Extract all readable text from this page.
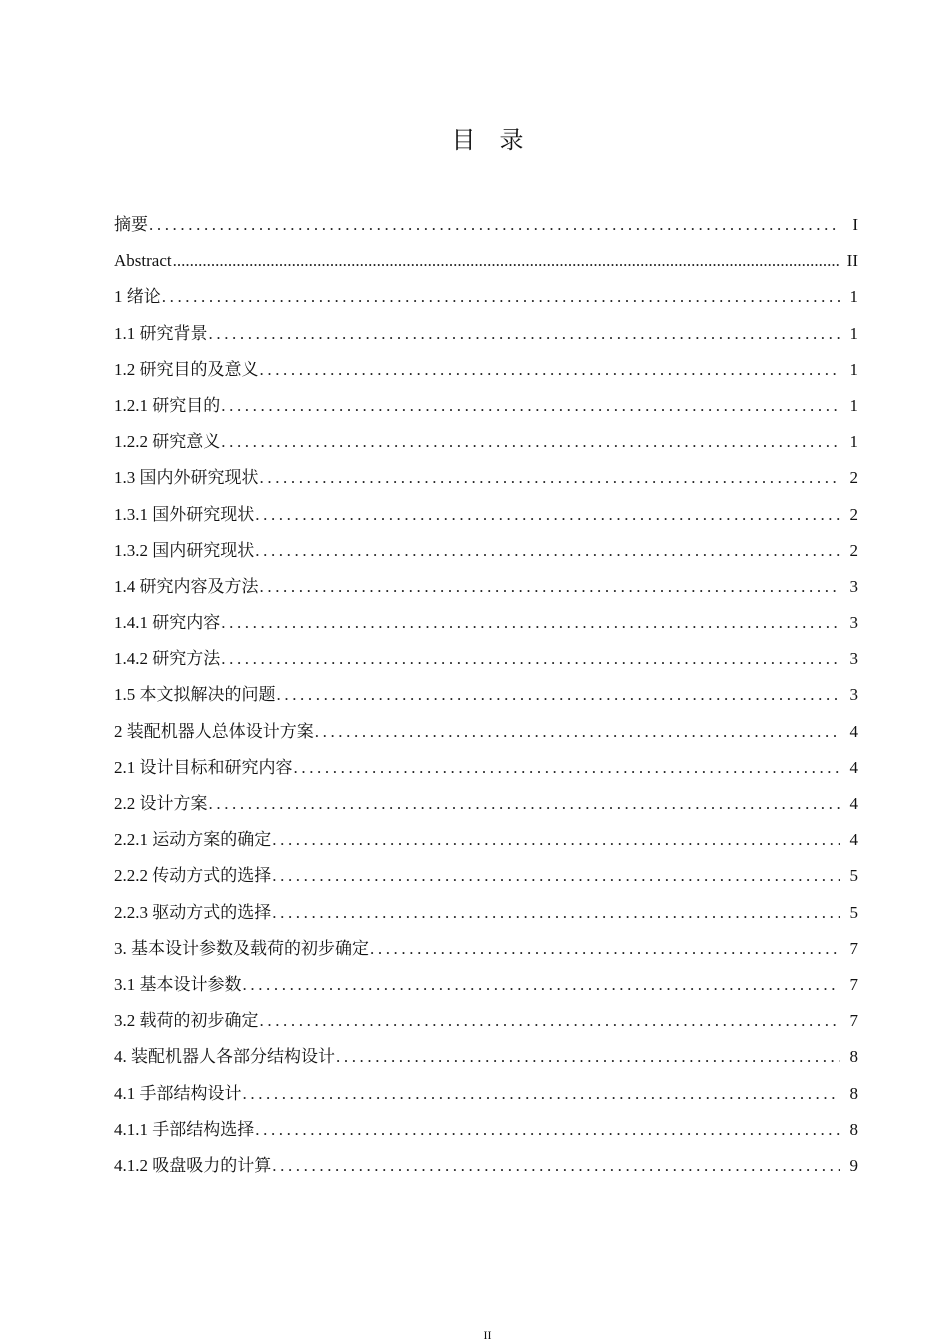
目　录
摘要 .....	I
Abstract .....	II
1 绪论 .....	1
1.1 研究背景 .....	1
1.2 研究目的及意义 .....	1
1.2.1 研究目的 .....	1
1.2.2 研究意义 .....	1
1.3 国内外研究现状 .....	2
1.3.1 国外研究现状 .....	2
1.3.2 国内研究现状 .....	2
1.4 研究内容及方法 .....	3
1.4.1 研究内容 .....	3
1.4.2 研究方法 .....	3
1.5 本文拟解决的问题 .....	3
2 装配机器人总体设计方案 .....	4
2.1 设计目标和研究内容 .....	4
2.2 设计方案 .....	4
2.2.1 运动方案的确定 .....	4
2.2.2 传动方式的选择 .....	5
2.2.3 驱动方式的选择 .....	5
3. 基本设计参数及载荷的初步确定 .....	7
3.1 基本设计参数 .....	7
3.2 载荷的初步确定 .....	7
4. 装配机器人各部分结构设计 .....	8
4.1 手部结构设计 .....	8
4.1.1 手部结构选择 .....	8
4.1.2 吸盘吸力的计算 .....	9
II
